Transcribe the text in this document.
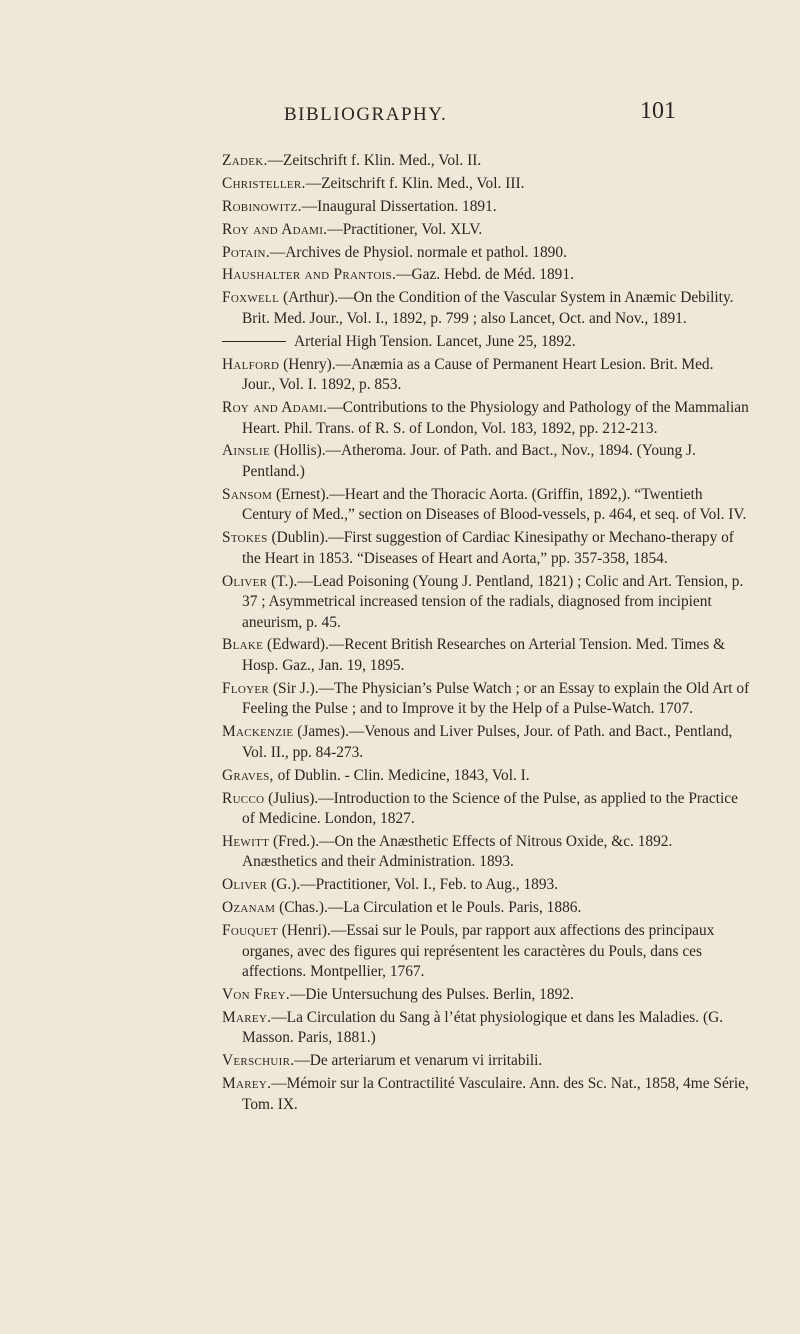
BIBLIOGRAPHY.	101

Zadek.—Zeitschrift f. Klin. Med., Vol. II.

Christeller.—Zeitschrift f. Klin. Med., Vol. III.

Robinowitz.—Inaugural Dissertation. 1891.

Roy and Adami.—Practitioner, Vol. XLV.

Potain.—Archives de Physiol. normale et pathol. 1890.

Haushalter and Prantois.—Gaz. Hebd. de Méd. 1891.

Foxwell (Arthur).—On the Condition of the Vascular System in Anæmic Debility. Brit. Med. Jour., Vol. I., 1892, p. 799 ; also Lancet, Oct. and Nov., 1891.

Arterial High Tension. Lancet, June 25, 1892.

Halford (Henry).—Anæmia as a Cause of Permanent Heart Lesion. Brit. Med. Jour., Vol. I. 1892, p. 853.

Roy and Adami.—Contributions to the Physiology and Pathology of the Mammalian Heart. Phil. Trans. of R. S. of London, Vol. 183, 1892, pp. 212-213.

Ainslie (Hollis).—Atheroma. Jour. of Path. and Bact., Nov., 1894. (Young J. Pentland.)

Sansom (Ernest).—Heart and the Thoracic Aorta. (Griffin, 1892,). “Twentieth Century of Med.,” section on Diseases of Blood-vessels, p. 464, et seq. of Vol. IV.

Stokes (Dublin).—First suggestion of Cardiac Kinesipathy or Mechano-therapy of the Heart in 1853. “Diseases of Heart and Aorta,” pp. 357-358, 1854.

Oliver (T.).—Lead Poisoning (Young J. Pentland, 1821) ; Colic and Art. Tension, p. 37 ; Asymmetrical increased tension of the radials, diagnosed from incipient aneurism, p. 45.

Blake (Edward).—Recent British Researches on Arterial Tension. Med. Times & Hosp. Gaz., Jan. 19, 1895.

Floyer (Sir J.).—The Physician’s Pulse Watch ; or an Essay to explain the Old Art of Feeling the Pulse ; and to Improve it by the Help of a Pulse-Watch. 1707.

Mackenzie (James).—Venous and Liver Pulses, Jour. of Path. and Bact., Pentland, Vol. II., pp. 84-273.

Graves, of Dublin. - Clin. Medicine, 1843, Vol. I.

Rucco (Julius).—Introduction to the Science of the Pulse, as applied to the Practice of Medicine. London, 1827.

Hewitt (Fred.).—On the Anæsthetic Effects of Nitrous Oxide, &c. 1892. Anæsthetics and their Administration. 1893.

Oliver (G.).—Practitioner, Vol. I., Feb. to Aug., 1893.

Ozanam (Chas.).—La Circulation et le Pouls. Paris, 1886.

Fouquet (Henri).—Essai sur le Pouls, par rapport aux affections des principaux organes, avec des figures qui représentent les caractères du Pouls, dans ces affections. Montpellier, 1767.

Von Frey.—Die Untersuchung des Pulses. Berlin, 1892.

Marey.—La Circulation du Sang à l’état physiologique et dans les Maladies. (G. Masson. Paris, 1881.)

Verschuir.—De arteriarum et venarum vi irritabili.

Marey.—Mémoir sur la Contractilité Vasculaire. Ann. des Sc. Nat., 1858, 4me Série, Tom. IX.
